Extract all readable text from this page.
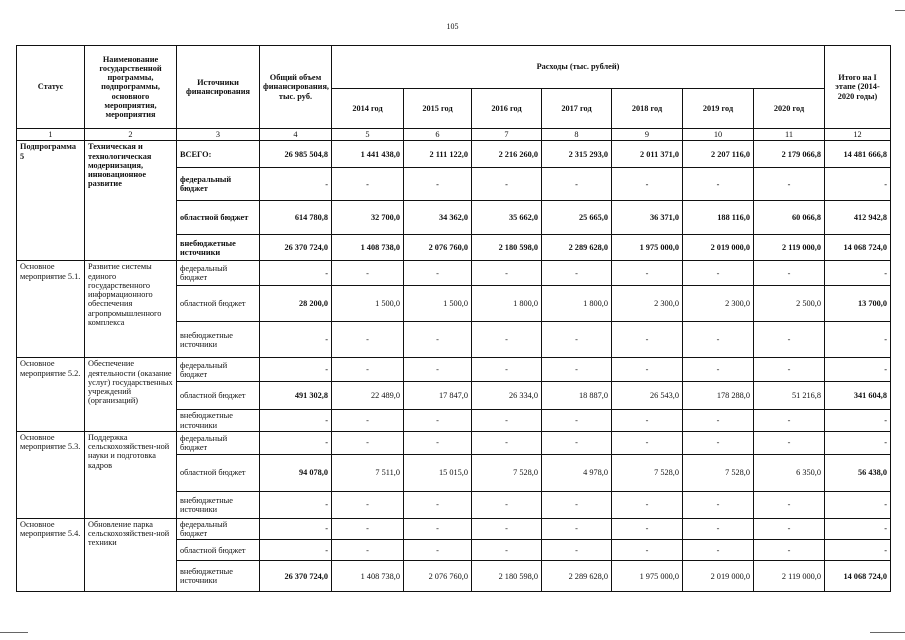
105
Статус	Наименование государственной программы, подпрограммы, основного мероприятия, мероприятия	Источники финансирования	Общий объем финансирования, тыс. руб.	Расходы (тыс. рублей)							Итого на I этапе (2014-2020 годы)
				2014 год	2015 год	2016 год	2017 год	2018 год	2019 год	2020 год	
1	2	3	4	5	6	7	8	9	10	11	12
Подпрограмма 5	Техническая и технологическая модернизация, инновационное развитие	ВСЕГО:	26 985 504,8	1 441 438,0	2 111 122,0	2 216 260,0	2 315 293,0	2 011 371,0	2 207 116,0	2 179 066,8	14 481 666,8
		федеральный бюджет	-	-	-	-	-	-	-	-	-
		областной бюджет	614 780,8	32 700,0	34 362,0	35 662,0	25 665,0	36 371,0	188 116,0	60 066,8	412 942,8
		внебюджетные источники	26 370 724,0	1 408 738,0	2 076 760,0	2 180 598,0	2 289 628,0	1 975 000,0	2 019 000,0	2 119 000,0	14 068 724,0
Основное мероприятие 5.1.	Развитие системы единого государственного информационного обеспечения агропромышленного комплекса	федеральный бюджет	-	-	-	-	-	-	-	-	-
		областной бюджет	28 200,0	1 500,0	1 500,0	1 800,0	1 800,0	2 300,0	2 300,0	2 500,0	13 700,0
		внебюджетные источники	-	-	-	-	-	-	-	-	-
Основное мероприятие 5.2.	Обеспечение деятельности (оказание услуг) государственных учреждений (организаций)	федеральный бюджет	-	-	-	-	-	-	-	-	-
		областной бюджет	491 302,8	22 489,0	17 847,0	26 334,0	18 887,0	26 543,0	178 288,0	51 216,8	341 604,8
		внебюджетные источники	-	-	-	-	-	-	-	-	-
Основное мероприятие 5.3.	Поддержка сельскохозяйствен-ной науки и подготовка кадров	федеральный бюджет	-	-	-	-	-	-	-	-	-
		областной бюджет	94 078,0	7 511,0	15 015,0	7 528,0	4 978,0	7 528,0	7 528,0	6 350,0	56 438,0
		внебюджетные источники	-	-	-	-	-	-	-	-	-
Основное мероприятие 5.4.	Обновление парка сельскохозяйствен-ной техники	федеральный бюджет	-	-	-	-	-	-	-	-	-
		областной бюджет	-	-	-	-	-	-	-	-	-
		внебюджетные источники	26 370 724,0	1 408 738,0	2 076 760,0	2 180 598,0	2 289 628,0	1 975 000,0	2 019 000,0	2 119 000,0	14 068 724,0
